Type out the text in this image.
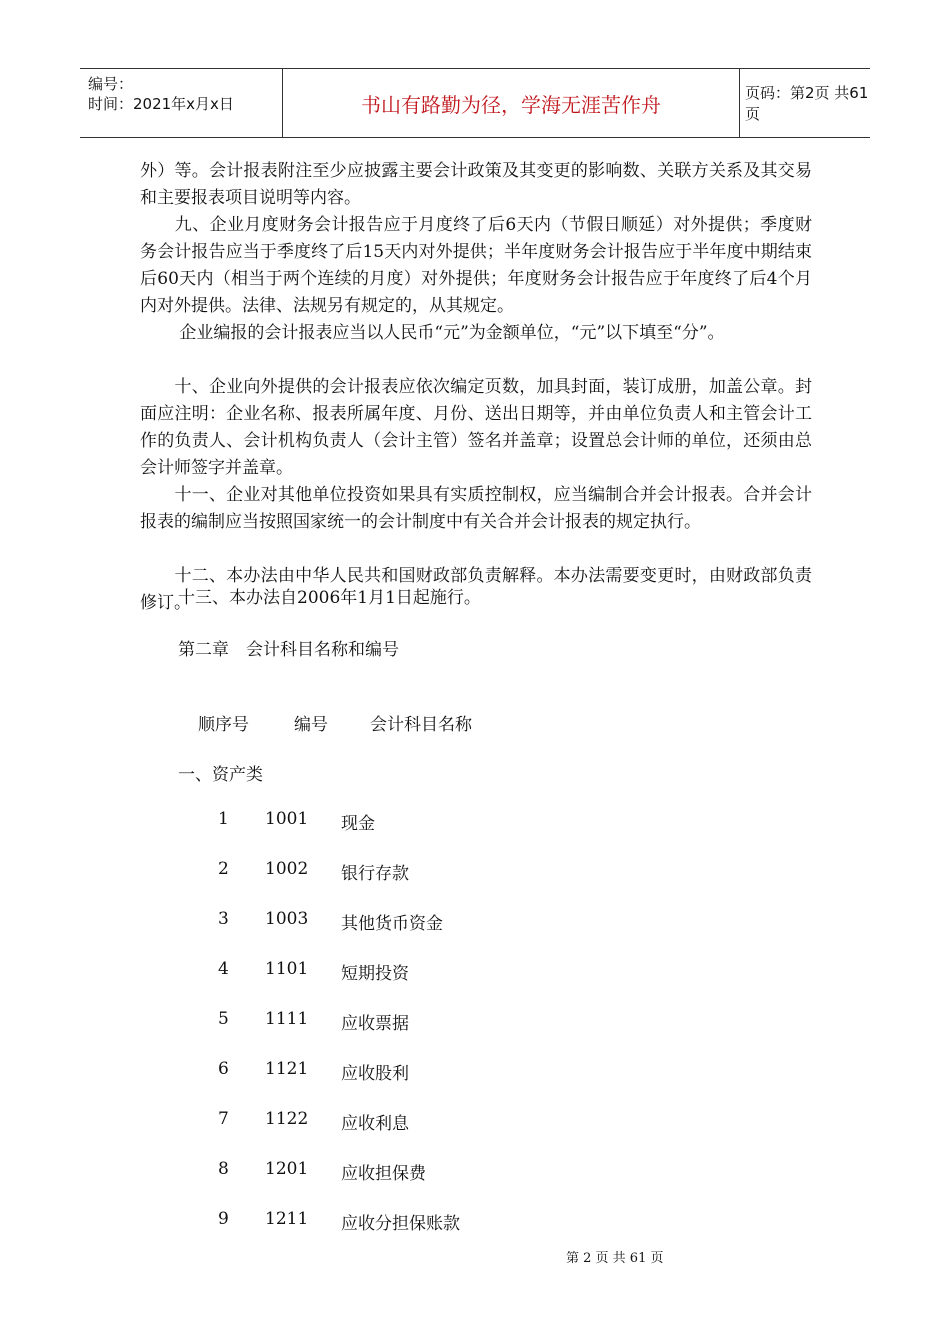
编号：
时间：2021年x月x日	书山有路勤为径，学海无涯苦作舟	页码：第2页 共61页

外）等。会计报表附注至少应披露主要会计政策及其变更的影响数、关联方关系及其交易和主要报表项目说明等内容。

　　九、企业月度财务会计报告应于月度终了后6天内（节假日顺延）对外提供；季度财务会计报告应当于季度终了后15天内对外提供；半年度财务会计报告应于半年度中期结束后60天内（相当于两个连续的月度）对外提供；年度财务会计报告应于年度终了后4个月内对外提供。法律、法规另有规定的，从其规定。

　　 企业编报的会计报表应当以人民币“元”为金额单位，“元”以下填至“分”。

　　十、企业向外提供的会计报表应依次编定页数，加具封面，装订成册，加盖公章。封面应注明：企业名称、报表所属年度、月份、送出日期等，并由单位负责人和主管会计工作的负责人、会计机构负责人（会计主管）签名并盖章；设置总会计师的单位，还须由总会计师签字并盖章。

　　十一、企业对其他单位投资如果具有实质控制权，应当编制合并会计报表。合并会计报表的编制应当按照国家统一的会计制度中有关合并会计报表的规定执行。

　　十二、本办法由中华人民共和国财政部负责解释。本办法需要变更时，由财政部负责修订。

十三、本办法自2006年1月1日起施行。
第二章　会计科目名称和编号
顺序号	编号 会计科目名称
一、资产类
1 1001 现金
2 1002 银行存款
3 1003 其他货币资金
4 1101 短期投资
5 1111 应收票据
6 1121 应收股利
7 1122 应收利息
8 1201 应收担保费
9 1211 应收分担保账款
第 2 页 共 61 页
